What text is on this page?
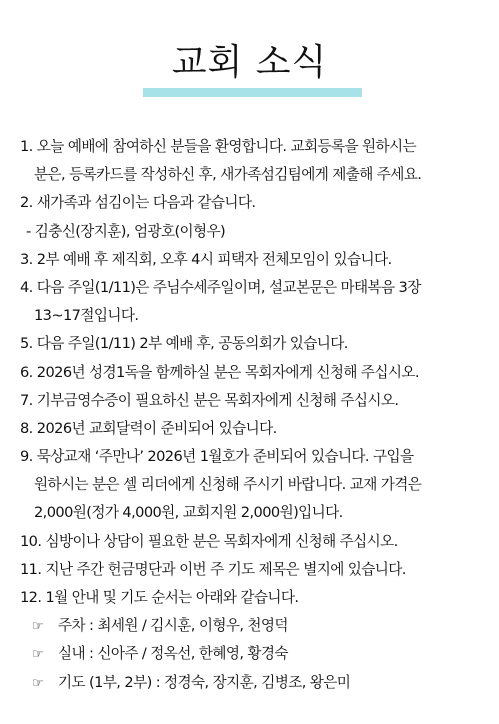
교회 소식
1. 오늘 예배에 참여하신 분들을 환영합니다. 교회등록을 원하시는
분은, 등록카드를 작성하신 후, 새가족섬김팀에게 제출해 주세요.
2. 새가족과 섬김이는 다음과 같습니다.
- 김충신(장지훈), 엄광호(이형우)
3. 2부 예배 후 제직회, 오후 4시 피택자 전체모임이 있습니다.
4. 다음 주일(1/11)은 주님수세주일이며, 설교본문은 마태복음 3장
13~17절입니다.
5. 다음 주일(1/11) 2부 예배 후, 공동의회가 있습니다.
6. 2026년 성경1독을 함께하실 분은 목회자에게 신청해 주십시오.
7. 기부금영수증이 필요하신 분은 목회자에게 신청해 주십시오.
8. 2026년 교회달력이 준비되어 있습니다.
9. 묵상교재 ‘주만나’ 2026년 1월호가 준비되어 있습니다. 구입을
원하시는 분은 셀 리더에게 신청해 주시기 바랍니다. 교재 가격은
2,000원(정가 4,000원, 교회지원 2,000원)입니다.
10. 심방이나 상담이 필요한 분은 목회자에게 신청해 주십시오.
11. 지난 주간 헌금명단과 이번 주 기도 제목은 별지에 있습니다.
12. 1월 안내 및 기도 순서는 아래와 같습니다.
☞ 주차 : 최세원 / 김시훈, 이형우, 천영덕
☞ 실내 : 신아주 / 정옥선, 한혜영, 황경숙
☞ 기도 (1부, 2부) : 정경숙, 장지훈, 김병조, 왕은미
